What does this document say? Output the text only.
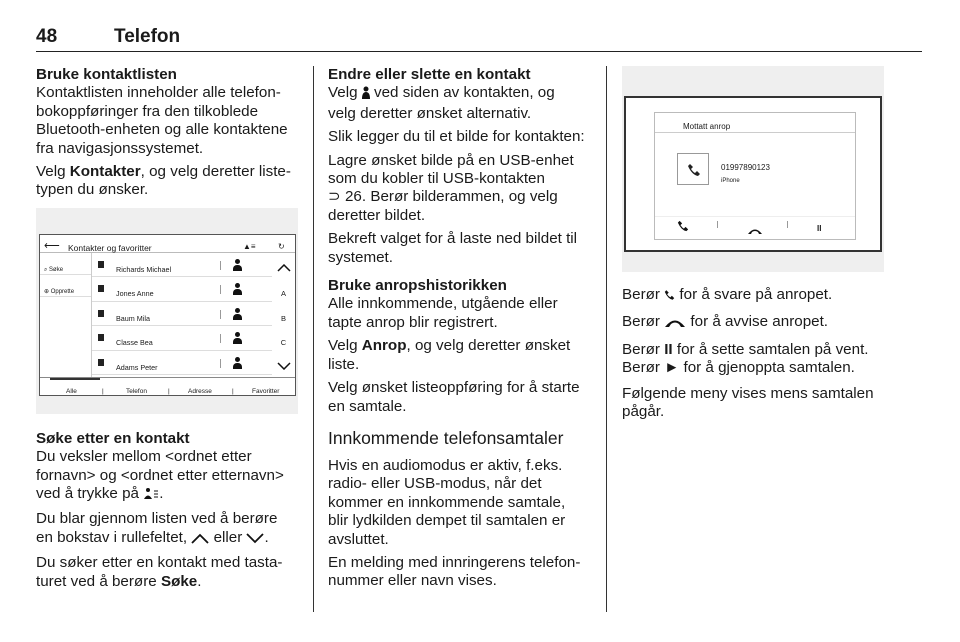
48	Telefon
Bruke kontaktlisten

Kontaktlisten inneholder alle telefon-
bokoppføringer fra den tilkoblede
Bluetooth-enheten og alle kontaktene
fra navigasjonssystemet.

Velg Kontakter, og velg deretter liste-
typen du ønsker.

⟵ Kontakter og favoritter	▲≡	↻
⌕ Søke
⊕ Opprette
Richards Michael
Jones Anne
Baum Mila
Classe Bea
Adams Peter
A
B
C
Alle	|	Telefon	|	Adresse	|	Favoritter
Søke etter en kontakt

Du veksler mellom <ordnet etter
fornavn> og <ordnet etter etternavn>
ved å trykke på .

Du blar gjennom listen ved å berøre
en bokstav i rullefeltet,  eller .

Du søker etter en kontakt med tasta-
turet ved å berøre Søke.

Endre eller slette en kontakt

Velg  ved siden av kontakten, og
velg deretter ønsket alternativ.

Slik legger du til et bilde for kontakten:

Lagre ønsket bilde på en USB-enhet
som du kobler til USB-kontakten
⊃ 26. Berør bilderammen, og velg
deretter bildet.

Bekreft valget for å laste ned bildet til
systemet.

Bruke anropshistorikken

Alle innkommende, utgående eller
tapte anrop blir registrert.

Velg Anrop, og velg deretter ønsket
liste.

Velg ønsket listeoppføring for å starte
en samtale.

Innkommende telefonsamtaler

Hvis en audiomodus er aktiv, f.eks.
radio- eller USB-modus, når det
kommer en innkommende samtale,
blir lydkilden dempet til samtalen er
avsluttet.

En melding med innringerens telefon-
nummer eller navn vises.

Mottatt anrop
01997890123
iPhone
II

Berør  for å svare på anropet.

Berør  for å avvise anropet.

Berør II for å sette samtalen på vent.
Berør ► for å gjenoppta samtalen.

Følgende meny vises mens samtalen
pågår.
